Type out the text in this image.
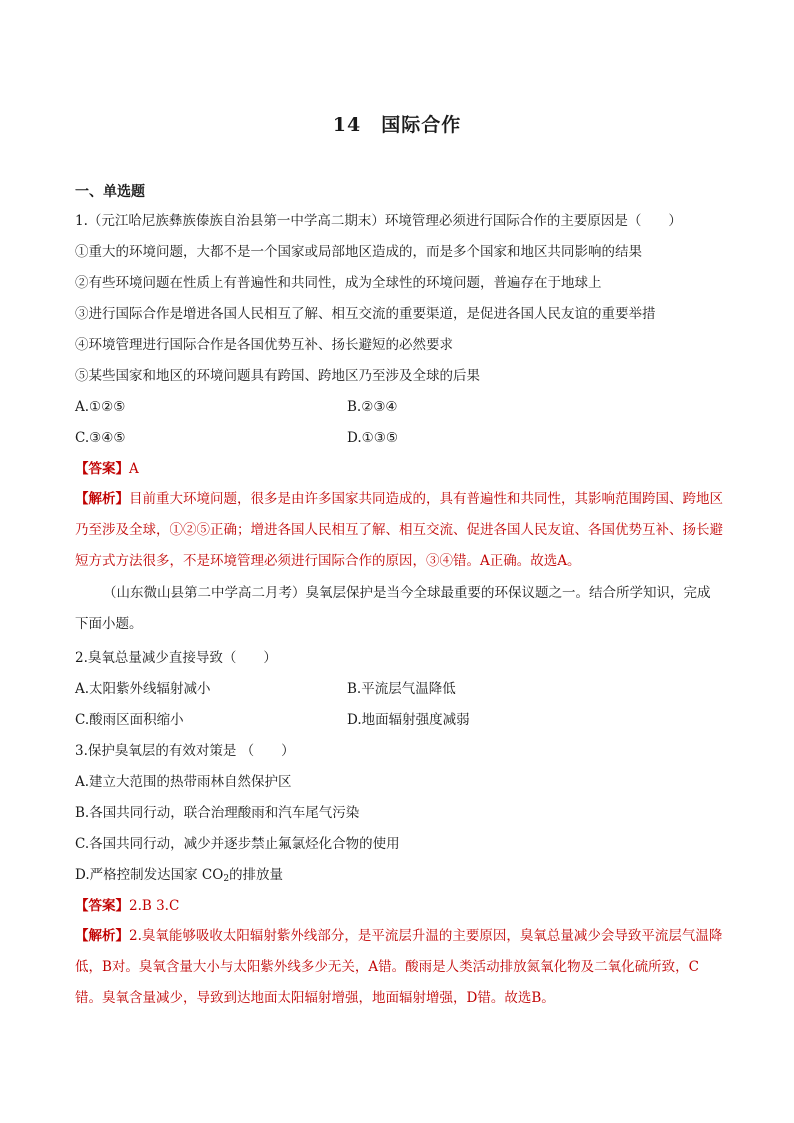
14　国际合作
一、单选题
1.（元江哈尼族彝族傣族自治县第一中学高二期末）环境管理必须进行国际合作的主要原因是（　　）
①重大的环境问题，大都不是一个国家或局部地区造成的，而是多个国家和地区共同影响的结果
②有些环境问题在性质上有普遍性和共同性，成为全球性的环境问题，普遍存在于地球上
③进行国际合作是增进各国人民相互了解、相互交流的重要渠道，是促进各国人民友谊的重要举措
④环境管理进行国际合作是各国优势互补、扬长避短的必然要求
⑤某些国家和地区的环境问题具有跨国、跨地区乃至涉及全球的后果
A.①②⑤	B.②③④
C.③④⑤	D.①③⑤
【答案】A
【解析】目前重大环境问题，很多是由许多国家共同造成的，具有普遍性和共同性，其影响范围跨国、跨地区乃至涉及全球，①②⑤正确；增进各国人民相互了解、相互交流、促进各国人民友谊、各国优势互补、扬长避短方式方法很多，不是环境管理必须进行国际合作的原因，③④错。A正确。故选A。
（山东微山县第二中学高二月考）臭氧层保护是当今全球最重要的环保议题之一。结合所学知识，完成下面小题。
2.臭氧总量减少直接导致（　　）
A.太阳紫外线辐射减小	B.平流层气温降低
C.酸雨区面积缩小	D.地面辐射强度减弱
3.保护臭氧层的有效对策是 （　　）
A.建立大范围的热带雨林自然保护区
B.各国共同行动，联合治理酸雨和汽车尾气污染
C.各国共同行动，减少并逐步禁止氟氯烃化合物的使用
D.严格控制发达国家 $CO_2$的排放量
【答案】2.B 3.C
【解析】2.臭氧能够吸收太阳辐射紫外线部分，是平流层升温的主要原因，臭氧总量减少会导致平流层气温降低，B对。臭氧含量大小与太阳紫外线多少无关，A错。酸雨是人类活动排放氮氧化物及二氧化硫所致，C错。臭氧含量减少，导致到达地面太阳辐射增强，地面辐射增强，D错。故选B。
